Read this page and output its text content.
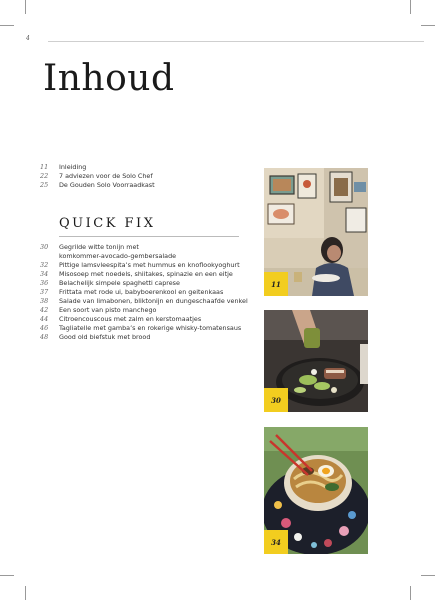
4
Inhoud
11	Inleiding
22	7 adviezen voor de Solo Chef
25	De Gouden Solo Voorraadkast
QUICK FIX
30	Gegrilde witte tonijn met
komkommer-avocado-gembersalade
32	Pittige lamsvleespita’s met hummus en knoflookyoghurt
34	Misosoep met noedels, shiitakes, spinazie en een eitje
36	Belachelijk simpele spaghetti caprese
37	Frittata met rode ui, babyboerenkool en geitenkaas
38	Salade van limabonen, bliktonijn en dungeschaafde venkel
42	Een soort van pisto manchego
44	Citroencouscous met zalm en kerstomaatjes
46	Tagliatelle met gamba’s en rokerige whisky-tomatensaus
48	Good old biefstuk met brood
11
30
34
